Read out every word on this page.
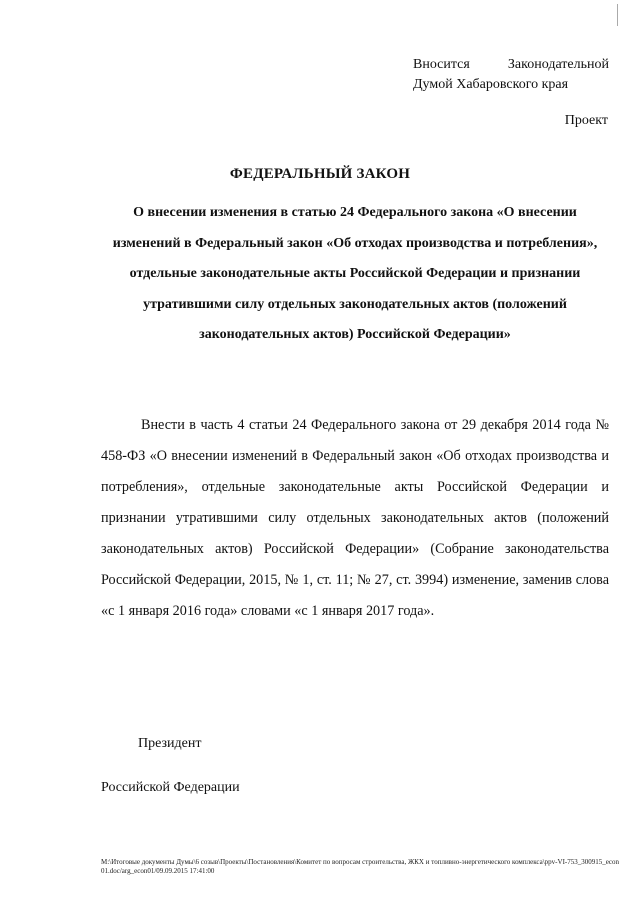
Вносится	Законодательной
Думой Хабаровского края
Проект
ФЕДЕРАЛЬНЫЙ ЗАКОН
О внесении изменения в статью 24 Федерального закона «О внесении изменений в Федеральный закон «Об отходах производства и потребления», отдельные законодательные акты Российской Федерации и признании утратившими силу отдельных законодательных актов (положений законодательных актов) Российской Федерации»

Внести в часть 4 статьи 24 Федерального закона от 29 декабря 2014 года № 458-ФЗ «О внесении изменений в Федеральный закон «Об отходах производства и потребления», отдельные законодательные акты Российской Федерации и признании утратившими силу отдельных законодательных актов (положений законодательных актов) Российской Федерации» (Собрание законодательства Российской Федерации, 2015, № 1, ст. 11; № 27, ст. 3994) изменение, заменив слова «с 1 января 2016 года» словами «с 1 января 2017 года».

Президент
Российской Федерации
М:\Итоговые документы Думы\6 созыв\Проекты\Постановления\Комитет по вопросам строительства, ЖКХ и топливно-энергетического комплекса\ppv-VI-753_300915_econ01.doc/arg_econ01/09.09.2015 17:41:00
